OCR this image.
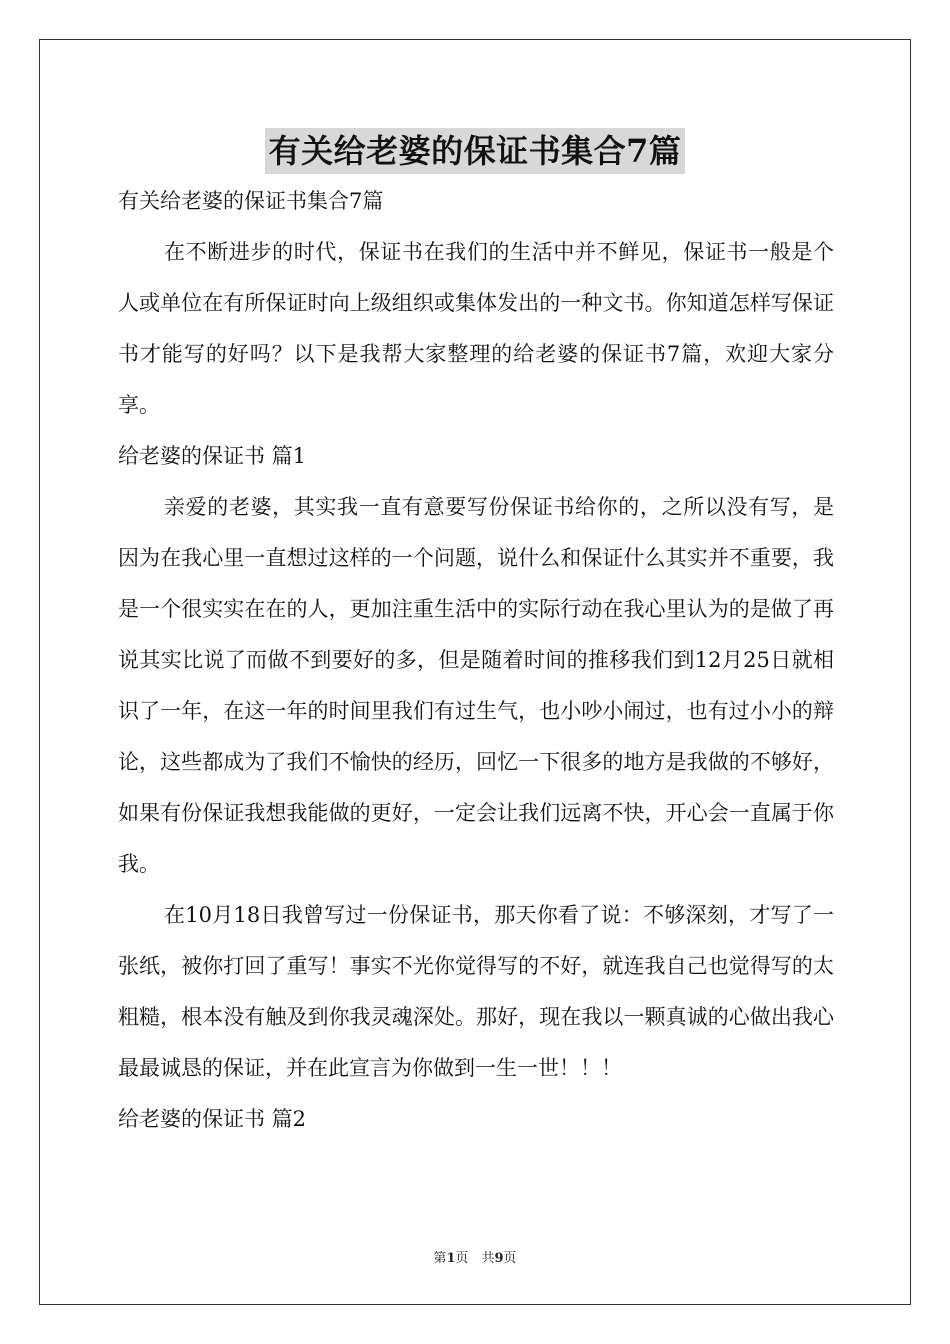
有关给老婆的保证书集合7篇

有关给老婆的保证书集合7篇

在不断进步的时代，保证书在我们的生活中并不鲜见，保证书一般是个人或单位在有所保证时向上级组织或集体发出的一种文书。你知道怎样写保证书才能写的好吗？以下是我帮大家整理的给老婆的保证书7篇，欢迎大家分享。

给老婆的保证书 篇1

亲爱的老婆，其实我一直有意要写份保证书给你的，之所以没有写，是因为在我心里一直想过这样的一个问题，说什么和保证什么其实并不重要，我是一个很实实在在的人，更加注重生活中的实际行动在我心里认为的是做了再说其实比说了而做不到要好的多，但是随着时间的推移我们到12月25日就相识了一年，在这一年的时间里我们有过生气，也小吵小闹过，也有过小小的辩论，这些都成为了我们不愉快的经历，回忆一下很多的地方是我做的不够好，如果有份保证我想我能做的更好，一定会让我们远离不快，开心会一直属于你我。

在10月18日我曾写过一份保证书，那天你看了说：不够深刻，才写了一张纸，被你打回了重写！事实不光你觉得写的不好，就连我自己也觉得写的太粗糙，根本没有触及到你我灵魂深处。那好，现在我以一颗真诚的心做出我心最最诚恳的保证，并在此宣言为你做到一生一世！！！

给老婆的保证书 篇2

第1页　共9页
